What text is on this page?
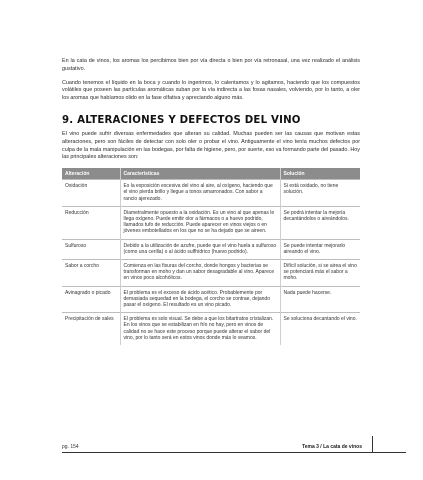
En la cata de vinos, los aromas los percibimos bien por vía directa o bien por vía retronasal, una vez realizado el análisis gustativo.

Cuando tenemos el líquido en la boca y cuando lo ingerimos, lo calentamos y lo agitamos, haciendo que los compuestos volátiles que poseen las partículas aromáticas suban por la vía indirecta a las fosas nasales, volviendo, por lo tanto, a oler los aromas que habíamos olido en la fase olfativa y apreciando alguno más.

9. ALTERACIONES Y DEFECTOS DEL VINO

El vino puede sufrir diversas enfermedades que alteran su calidad. Muchas pueden ser las causas que motivan estas alteraciones, pero son fáciles de detectar con solo oler o probar el vino. Antiguamente el vino tenía muchos defectos por culpa de la mala manipulación en las bodegas, por falta de higiene, pero, por suerte, eso va formando parte del pasado. Hoy las principales alteraciones son:

Alteración	Características	Solución
Oxidación	Es la exposición excesiva del vino al aire, al oxígeno, haciendo que el vino pierda brillo y llegue a tonos amarronados. Con sabor a rancio ajerezado.	Si está oxidado, no tiene solución.
Reducción	Diametralmente opuesto a la oxidación. Es un vino al que apenas le llega oxígeno. Puede emitir olor a fármacos o a huevo podrido, llamados tufo de reducción. Puede aparecer en vinos viejos o en jóvenes embotellados en los que no se ha dejado que se aireen.	Se podrá intentar la mejoría decantándolos o aireándolos.
Sulfuroso	Debido a la utilización de azufre, puede que el vino huela a sulfuroso (como una cerilla) o al ácido sulfhídrico (huevo podrido).	Se puede intentar mejorarlo aireando el vino.
Sabor a corcho	Comienza en las fisuras del corcho, donde hongos y bacterias se transforman en moho y dan un sabor desagradable al vino. Aparece en vinos poco alcohólicos.	Difícil solución, si se airea el vino se potenciará más el sabor a moho.
Avinagrado o picado	El problema es el exceso de ácido acético. Probablemente por demasiada sequedad en la bodega, el corcho se contrae, dejando pasar el oxígeno. El resultado es un vino picado.	Nada puede hacerse.
Precipitación de sales	El problema es solo visual. Se debe a que los bitartratos cristalizan. En los vinos que se estabilizan en frío no hay, pero en vinos de calidad no se hace este proceso porque puede alterar el sabor del vino, por lo tanto será en estos vinos donde más lo veamos.	Se soluciona decantando el vino.
pg. 154	Tema 3 / La cata de vinos
